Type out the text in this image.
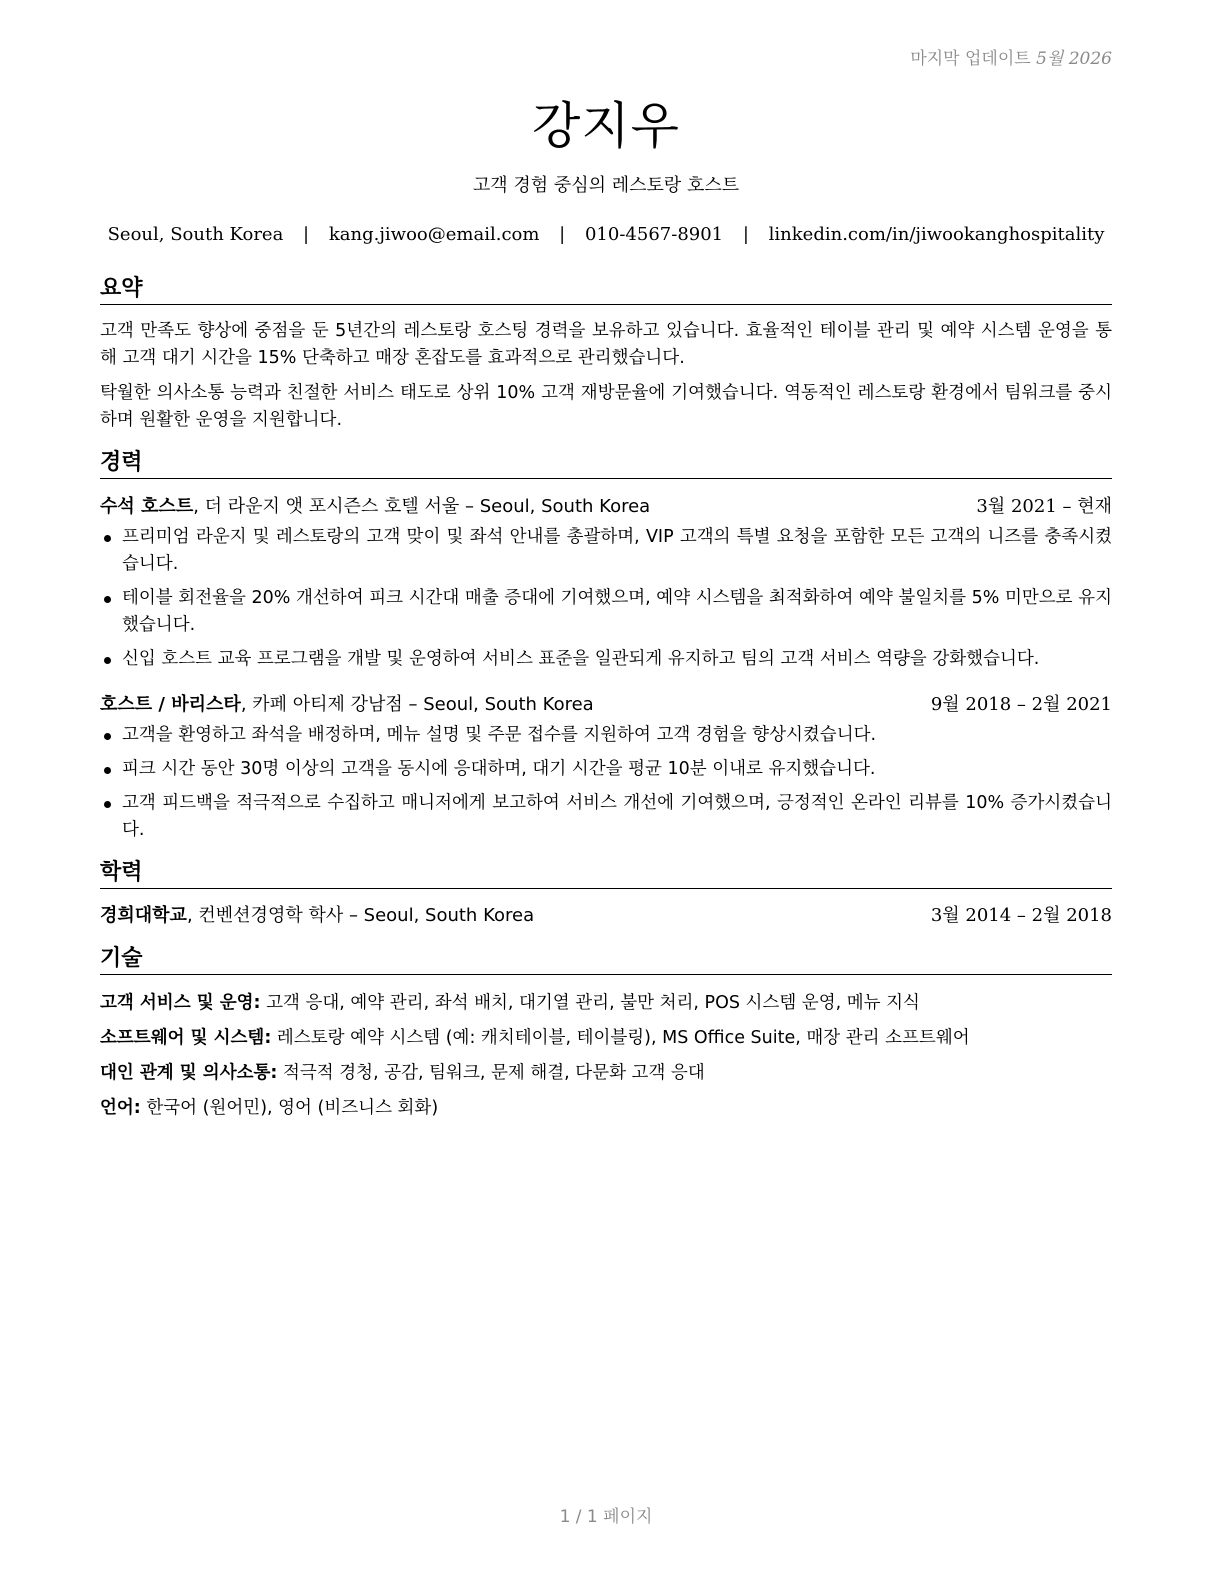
마지막 업데이트 5월 2026
강지우
고객 경험 중심의 레스토랑 호스트
Seoul, South Korea | kang.jiwoo@email.com | 010-4567-8901 | linkedin.com/in/jiwookanghospitality
요약
고객 만족도 향상에 중점을 둔 5년간의 레스토랑 호스팅 경력을 보유하고 있습니다. 효율적인 테이블 관리 및 예약 시스템 운영을 통해 고객 대기 시간을 15% 단축하고 매장 혼잡도를 효과적으로 관리했습니다.
탁월한 의사소통 능력과 친절한 서비스 태도로 상위 10% 고객 재방문율에 기여했습니다. 역동적인 레스토랑 환경에서 팀워크를 중시하며 원활한 운영을 지원합니다.
경력
수석 호스트, 더 라운지 앳 포시즌스 호텔 서울 – Seoul, South Korea	3월 2021 – 현재
프리미엄 라운지 및 레스토랑의 고객 맞이 및 좌석 안내를 총괄하며, VIP 고객의 특별 요청을 포함한 모든 고객의 니즈를 충족시켰습니다.
테이블 회전율을 20% 개선하여 피크 시간대 매출 증대에 기여했으며, 예약 시스템을 최적화하여 예약 불일치를 5% 미만으로 유지했습니다.
신입 호스트 교육 프로그램을 개발 및 운영하여 서비스 표준을 일관되게 유지하고 팀의 고객 서비스 역량을 강화했습니다.
호스트 / 바리스타, 카페 아티제 강남점 – Seoul, South Korea	9월 2018 – 2월 2021
고객을 환영하고 좌석을 배정하며, 메뉴 설명 및 주문 접수를 지원하여 고객 경험을 향상시켰습니다.
피크 시간 동안 30명 이상의 고객을 동시에 응대하며, 대기 시간을 평균 10분 이내로 유지했습니다.
고객 피드백을 적극적으로 수집하고 매니저에게 보고하여 서비스 개선에 기여했으며, 긍정적인 온라인 리뷰를 10% 증가시켰습니다.
학력
경희대학교, 컨벤션경영학 학사 – Seoul, South Korea	3월 2014 – 2월 2018
기술
고객 서비스 및 운영: 고객 응대, 예약 관리, 좌석 배치, 대기열 관리, 불만 처리, POS 시스템 운영, 메뉴 지식
소프트웨어 및 시스템: 레스토랑 예약 시스템 (예: 캐치테이블, 테이블링), MS Office Suite, 매장 관리 소프트웨어
대인 관계 및 의사소통: 적극적 경청, 공감, 팀워크, 문제 해결, 다문화 고객 응대
언어: 한국어 (원어민), 영어 (비즈니스 회화)
1 / 1 페이지
